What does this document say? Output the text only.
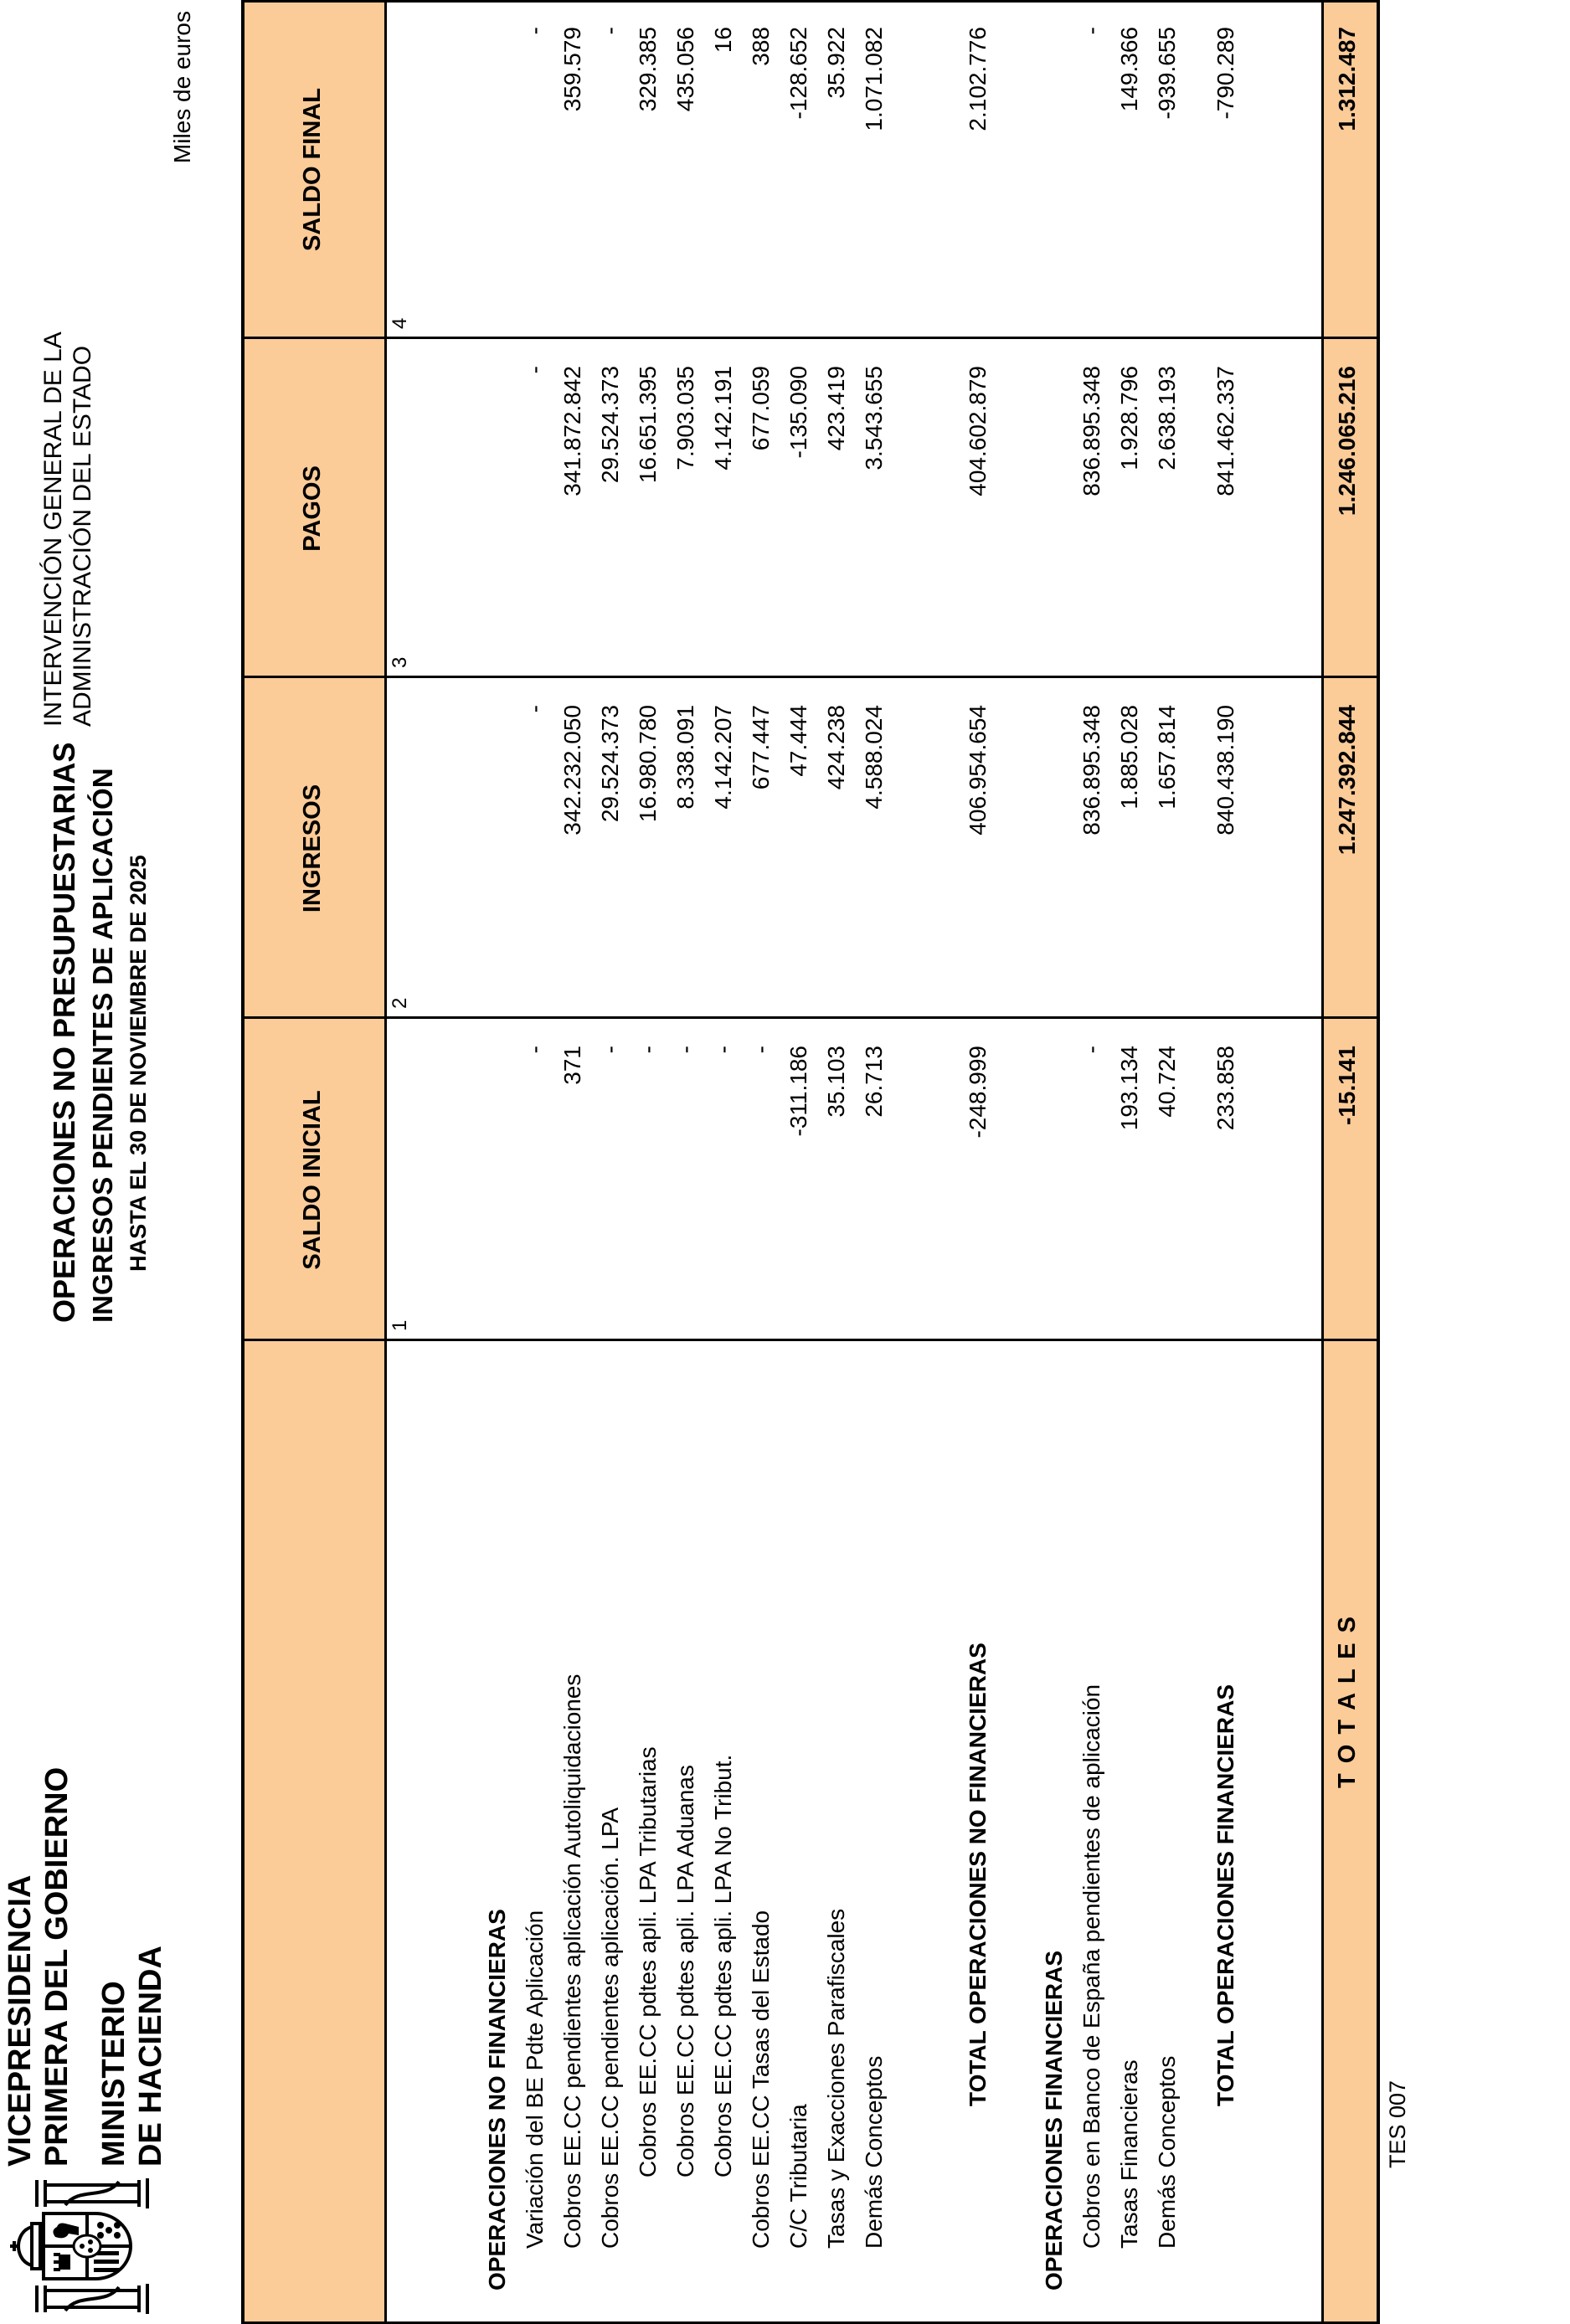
VICEPRESIDENCIA PRIMERA DEL GOBIERNO MINISTERIO DE HACIENDA
OPERACIONES NO PRESUPUESTARIAS INGRESOS PENDIENTES DE APLICACIÓN HASTA EL 30 DE NOVIEMBRE DE 2025
INTERVENCIÓN GENERAL DE LA ADMINISTRACIÓN DEL ESTADO
Miles de euros
SALDO INICIAL
1
INGRESOS
2
PAGOS
3
SALDO FINAL
4
OPERACIONES NO FINANCIERAS Variación del BE Pdte Aplicación
-
-
-
-
Cobros EE.CC pendientes aplicación Autoliquidaciones
371
342.232.050
341.872.842
359.579
Cobros EE.CC pendientes aplicación. LPA
-
29.524.373
29.524.373
-
Cobros EE.CC pdtes apli. LPA Tributarias
-
16.980.780
16.651.395
329.385
Cobros EE.CC pdtes apli. LPA Aduanas
-
8.338.091
7.903.035
435.056
Cobros EE.CC pdtes apli. LPA No Tribut.
-
4.142.207
4.142.191
16
Cobros EE.CC Tasas del Estado
-
677.447
677.059
388
C/C Tributaria
-311.186
47.444
-135.090
-128.652
Tasas y Exacciones Parafiscales
35.103
424.238
423.419
35.922
Demás Conceptos
26.713
4.588.024
3.543.655
1.071.082
TOTAL OPERACIONES NO FINANCIERAS
-248.999
406.954.654
404.602.879
2.102.776
OPERACIONES FINANCIERAS Cobros en Banco de España pendientes de aplicación
-
836.895.348
836.895.348
-
Tasas Financieras
193.134
1.885.028
1.928.796
149.366
Demás Conceptos
40.724
1.657.814
2.638.193
-939.655
TOTAL OPERACIONES FINANCIERAS
233.858
840.438.190
841.462.337
-790.289
T O T A L E S
-15.141
1.247.392.844
1.246.065.216
1.312.487
TES 007
